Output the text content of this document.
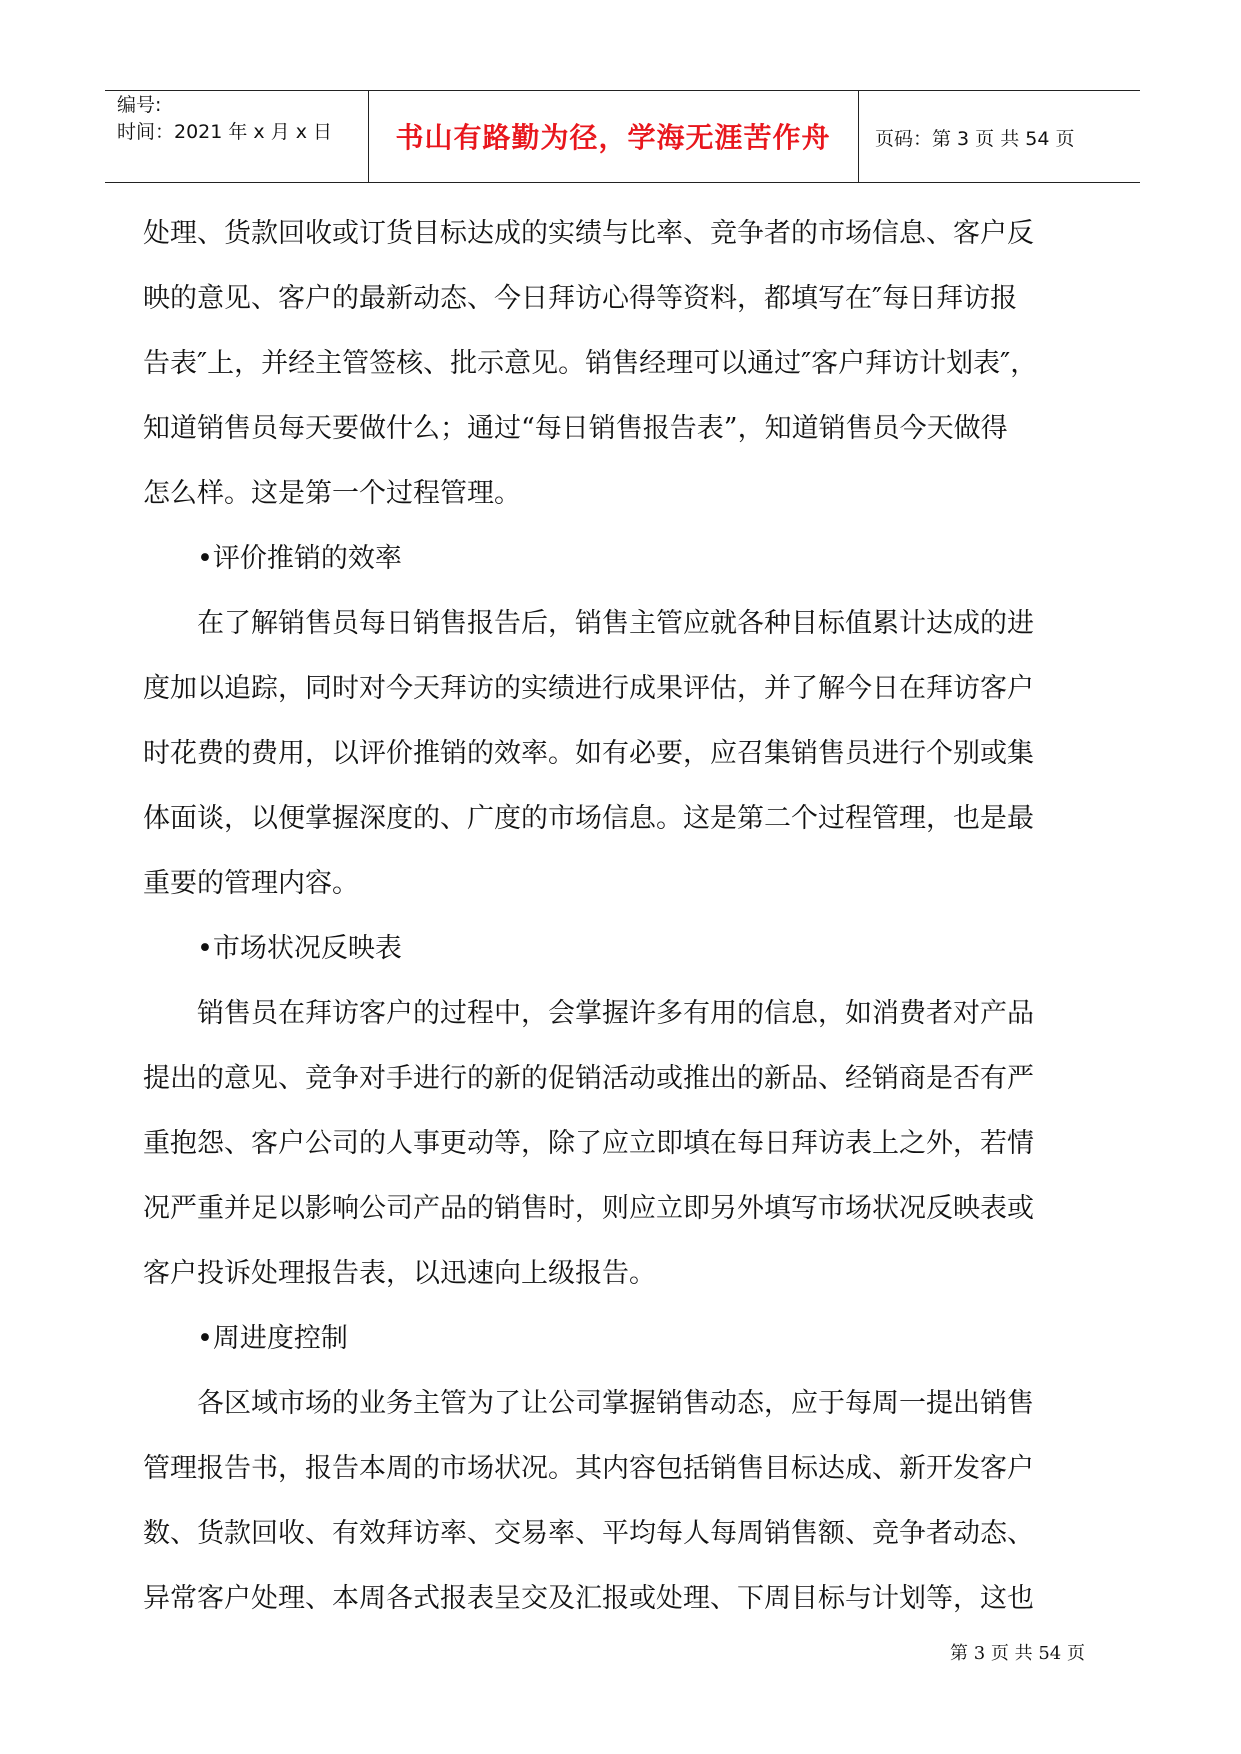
编号:
时间：2021 年 x 月 x 日	书山有路勤为径，学海无涯苦作舟	页码：第 3 页 共 54 页
处理、货款回收或订货目标达成的实绩与比率、竞争者的市场信息、客户反
映的意见、客户的最新动态、今日拜访心得等资料，都填写在″每日拜访报
告表″上，并经主管签核、批示意见。销售经理可以通过″客户拜访计划表″，
知道销售员每天要做什么；通过“每日销售报告表”，知道销售员今天做得
怎么样。这是第一个过程管理。
　　•评价推销的效率
　　在了解销售员每日销售报告后，销售主管应就各种目标值累计达成的进
度加以追踪，同时对今天拜访的实绩进行成果评估，并了解今日在拜访客户
时花费的费用，以评价推销的效率。如有必要，应召集销售员进行个别或集
体面谈，以便掌握深度的、广度的市场信息。这是第二个过程管理，也是最
重要的管理内容。
　　•市场状况反映表
　　销售员在拜访客户的过程中，会掌握许多有用的信息，如消费者对产品
提出的意见、竞争对手进行的新的促销活动或推出的新品、经销商是否有严
重抱怨、客户公司的人事更动等，除了应立即填在每日拜访表上之外，若情
况严重并足以影响公司产品的销售时，则应立即另外填写市场状况反映表或
客户投诉处理报告表，以迅速向上级报告。
　　•周进度控制
　　各区域市场的业务主管为了让公司掌握销售动态，应于每周一提出销售
管理报告书，报告本周的市场状况。其内容包括销售目标达成、新开发客户
数、货款回收、有效拜访率、交易率、平均每人每周销售额、竞争者动态、
异常客户处理、本周各式报表呈交及汇报或处理、下周目标与计划等，这也
第 3 页 共 54 页
